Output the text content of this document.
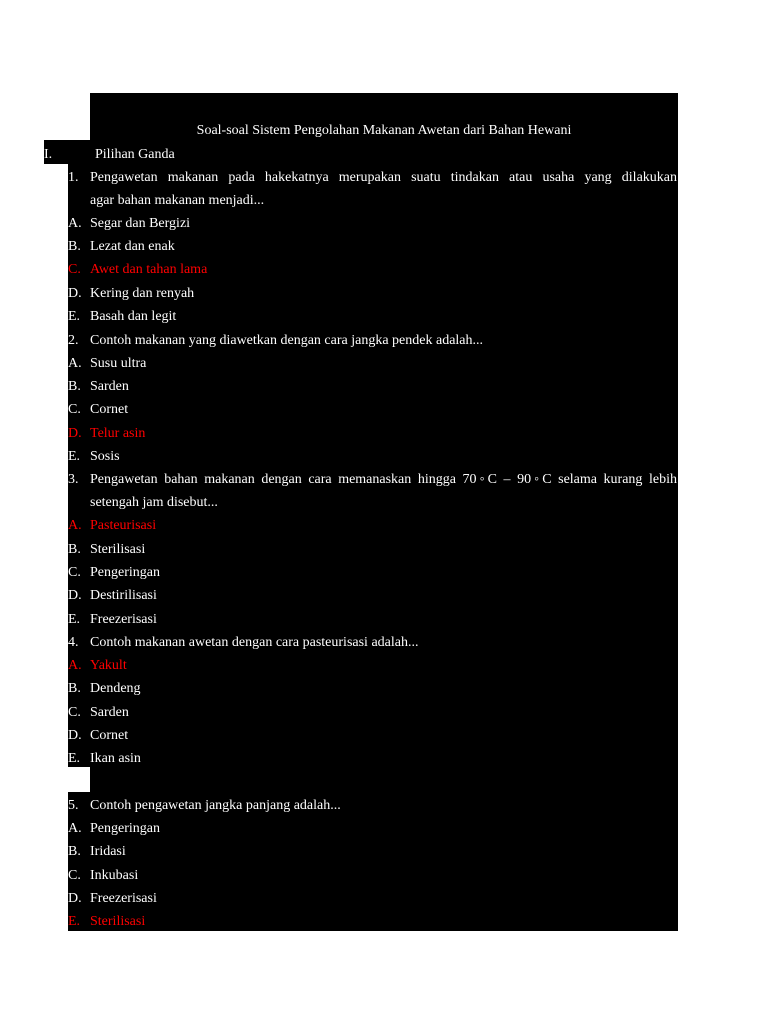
Soal-soal Sistem Pengolahan Makanan Awetan dari Bahan Hewani
I.	Pilihan Ganda
1. Pengawetan makanan pada hakekatnya merupakan suatu tindakan atau usaha yang dilakukan
agar bahan makanan menjadi...
A. Segar dan Bergizi
B. Lezat dan enak
C. Awet dan tahan lama
D. Kering dan renyah
E. Basah dan legit
2. Contoh makanan yang diawetkan dengan cara jangka pendek adalah...
A. Susu ultra
B. Sarden
C. Cornet
D. Telur asin
E. Sosis
3. Pengawetan bahan makanan dengan cara memanaskan hingga 70◦C – 90◦C selama kurang lebih
setengah jam disebut...
A. Pasteurisasi
B. Sterilisasi
C. Pengeringan
D. Destirilisasi
E. Freezerisasi
4. Contoh makanan awetan dengan cara pasteurisasi adalah...
A. Yakult
B. Dendeng
C. Sarden
D. Cornet
E. Ikan asin
5. Contoh pengawetan jangka panjang adalah...
A. Pengeringan
B. Iridasi
C. Inkubasi
D. Freezerisasi
E. Sterilisasi
